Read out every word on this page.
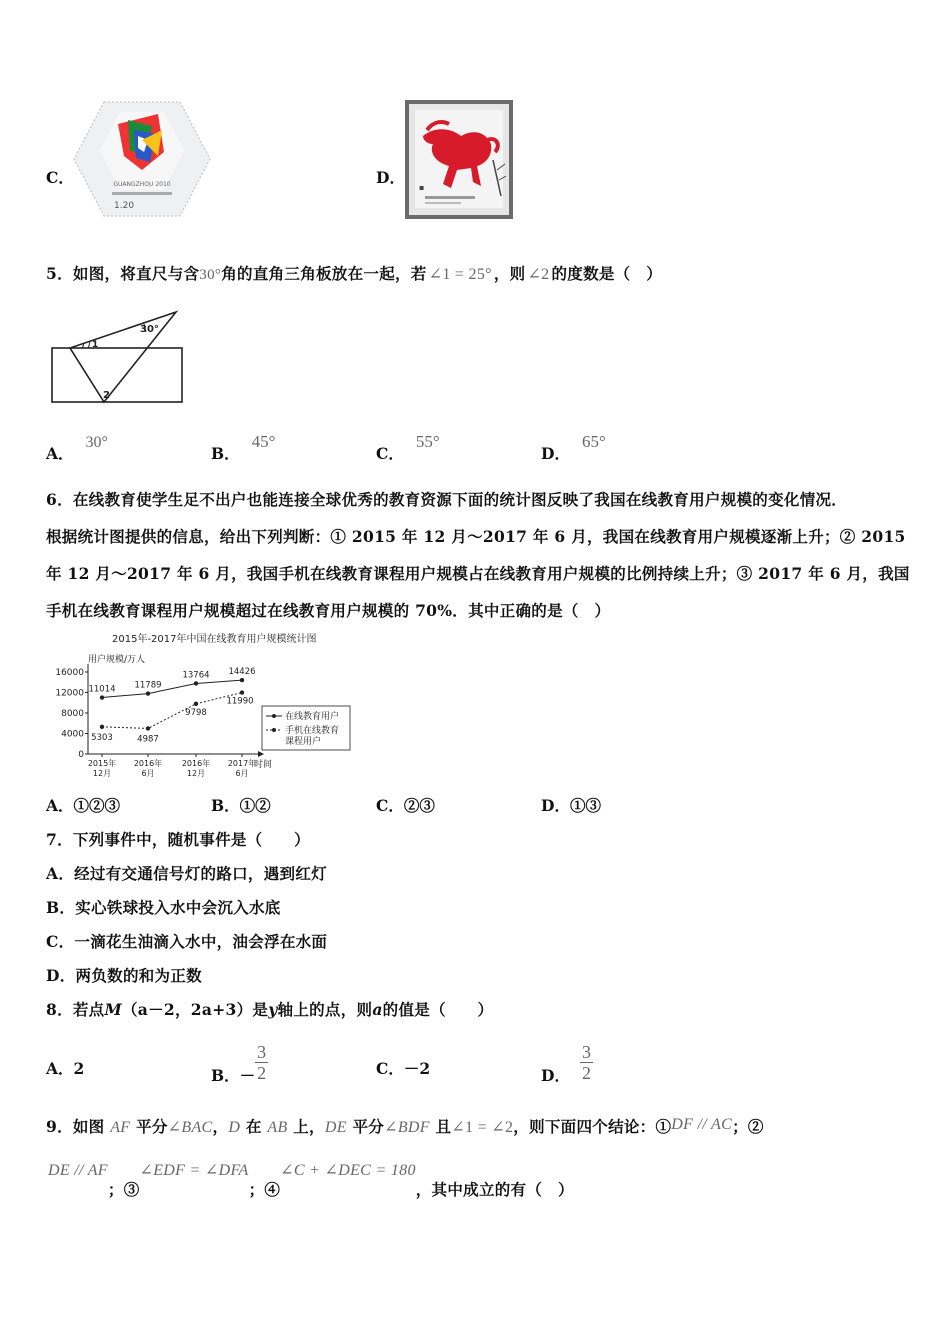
C．	GUANGZHOU 2010
1.20
D．
▪
5．如图，将直尺与含30°角的直角三角板放在一起，若 ∠1 = 25° ，则 ∠2 的度数是（　）
30°
1
2
A．30°
B．45°
C．55°
D．65°
6．在线教育使学生足不出户也能连接全球优秀的教育资源下面的统计图反映了我国在线教育用户规模的变化情况．
根据统计图提供的信息，给出下列判断：① 2015 年 12 月～2017 年 6 月，我国在线教育用户规模逐渐上升；② 2015
年 12 月～2017 年 6 月，我国手机在线教育课程用户规模占在线教育用户规模的比例持续上升；③ 2017 年 6 月，我国
手机在线教育课程用户规模超过在线教育用户规模的 70%．其中正确的是（　）
2015年-2017年中国在线教育用户规模统计图
用户规模/万人
时间
16000
12000
8000
4000
0
2015年
12月
2016年
6月
2016年
12月
2017年
6月
11014 11789
13764 14426
5303	4987
9798
11990
在线教育用户
手机在线教育
课程用户
A．①②③	B．①②	C．②③	D．①③
7．下列事件中，随机事件是（　　）
A．经过有交通信号灯的路口，遇到红灯
B．实心铁球投入水中会沉入水底
C．一滴花生油滴入水中，油会浮在水面
D．两负数的和为正数
8．若点M（a－2，2a+3）是y轴上的点，则a的值是（　　）
A．2	B．－ $\frac{3}{2}$	C．－2	D． $\frac{3}{2}$
9．如图 AF 平分∠BAC，D 在 AB 上，DE 平分∠BDF 且∠1 = ∠2，则下面四个结论：①DF // AC；②
DE // AF；③∠EDF = ∠DFA；④∠C + ∠DEC = 180，其中成立的有（　）
